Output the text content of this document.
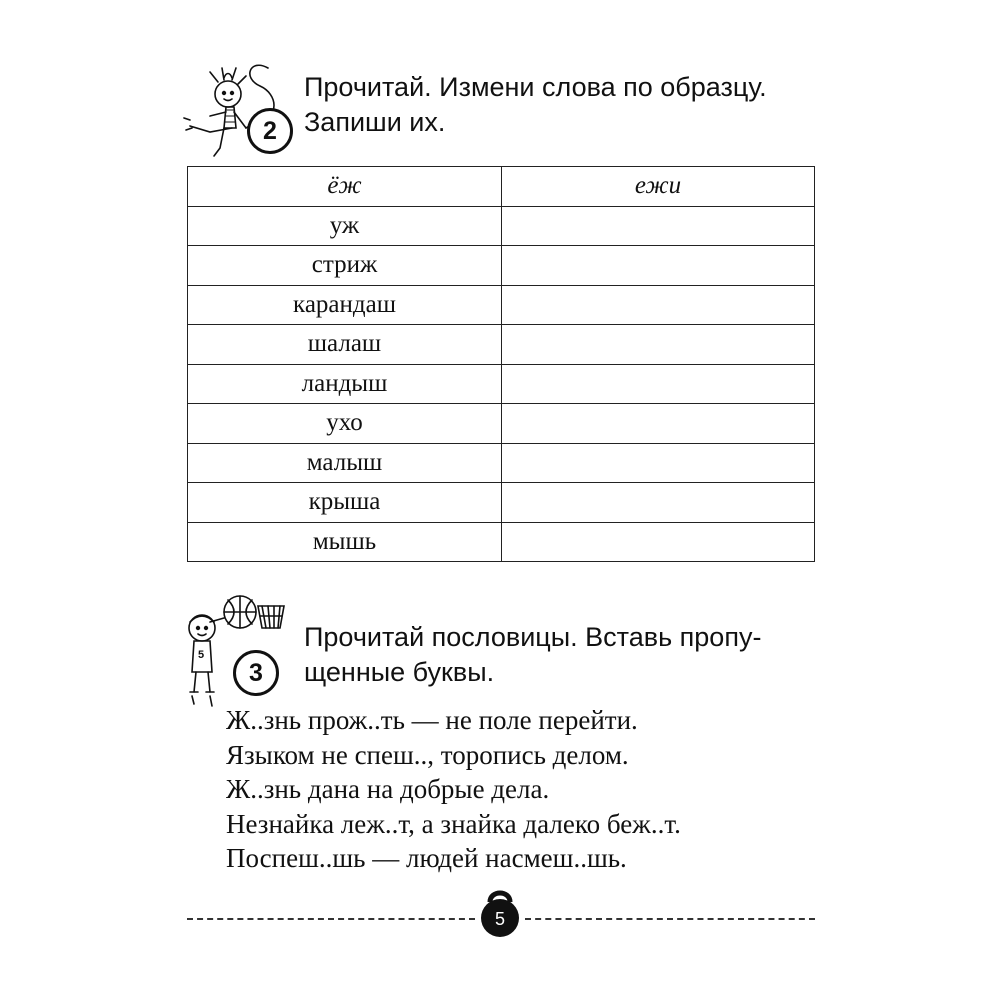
2
Прочитай. Измени слова по образцу.
Запиши их.
ёж	ежи
уж	
стриж	
карандаш	
шалаш	
ландыш	
ухо	
малыш	
крыша	
мышь	
5
3
Прочитай пословицы. Вставь пропу-
щенные буквы.
Ж..знь прож..ть — не поле перейти.
Языком не спеш.., торопись делом.
Ж..знь дана на добрые дела.
Незнайка леж..т, а знайка далеко беж..т.
Поспеш..шь — людей насмеш..шь.
5
